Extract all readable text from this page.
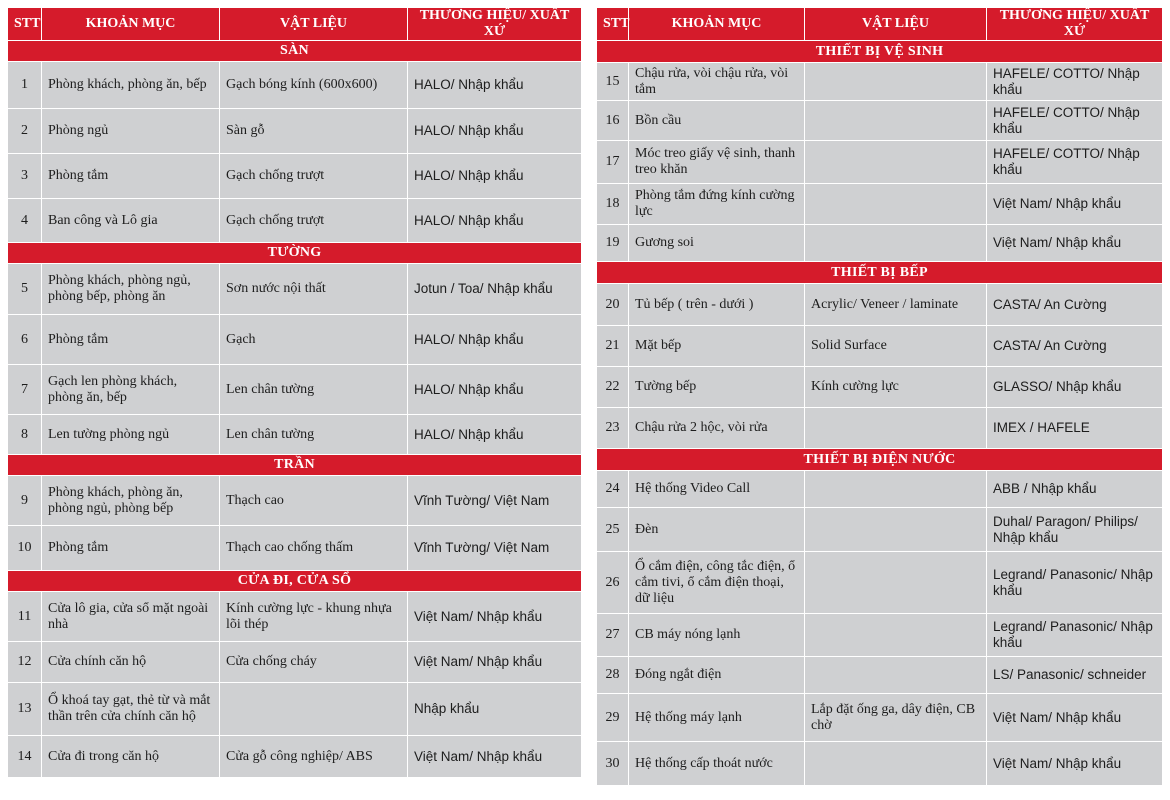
STT	KHOẢN MỤC	VẬT LIỆU	THƯƠNG HIỆU/ XUẤT XỨ
SÀN			
1	Phòng khách, phòng ăn, bếp	Gạch bóng kính (600x600)	HALO/ Nhập khẩu
2	Phòng ngủ	Sàn gỗ	HALO/ Nhập khẩu
3	Phòng tắm	Gạch chống trượt	HALO/ Nhập khẩu
4	Ban công và Lô gia	Gạch chống trượt	HALO/ Nhập khẩu
TƯỜNG			
5	Phòng khách, phòng ngủ, phòng bếp, phòng ăn	Sơn nước nội thất	Jotun / Toa/ Nhập khẩu
6	Phòng tắm	Gạch	HALO/ Nhập khẩu
7	Gạch len phòng khách, phòng ăn, bếp	Len chân tường	HALO/ Nhập khẩu
8	Len tường phòng ngủ	Len chân tường	HALO/ Nhập khẩu
TRẦN			
9	Phòng khách, phòng ăn, phòng ngủ, phòng bếp	Thạch cao	Vĩnh Tường/ Việt Nam
10	Phòng tắm	Thạch cao chống thấm	Vĩnh Tường/ Việt Nam
CỬA ĐI, CỬA SỔ			
11	Cửa lô gia, cửa sổ mặt ngoài nhà	Kính cường lực - khung nhựa lõi thép	Việt Nam/ Nhập khẩu
12	Cửa chính căn hộ	Cửa chống cháy	Việt Nam/ Nhập khẩu
13	Ổ khoá tay gạt, thẻ từ và mắt thần trên cửa chính căn hộ		Nhập khẩu
14	Cửa đi trong căn hộ	Cửa gỗ công nghiệp/ ABS	Việt Nam/ Nhập khẩu
STT	KHOẢN MỤC	VẬT LIỆU	THƯƠNG HIỆU/ XUẤT XỨ
THIẾT BỊ VỆ SINH			
15	Chậu rửa, vòi chậu rửa, vòi tắm		HAFELE/ COTTO/ Nhập khẩu
16	Bồn cầu		HAFELE/ COTTO/ Nhập khẩu
17	Móc treo giấy vệ sinh, thanh treo khăn		HAFELE/ COTTO/ Nhập khẩu
18	Phòng tắm đứng kính cường lực		Việt Nam/ Nhập khẩu
19	Gương soi		Việt Nam/ Nhập khẩu
THIẾT BỊ BẾP			
20	Tủ bếp ( trên - dưới )	Acrylic/ Veneer / laminate	CASTA/ An Cường
21	Mặt bếp	Solid Surface	CASTA/ An Cường
22	Tường bếp	Kính cường lực	GLASSO/ Nhập khẩu
23	Chậu rửa 2 hộc, vòi rửa		IMEX / HAFELE
THIẾT BỊ ĐIỆN NƯỚC			
24	Hệ thống Video Call		ABB / Nhập khẩu
25	Đèn		Duhal/ Paragon/ Philips/ Nhập khẩu
26	Ổ cắm điện, công tắc điện, ổ cắm tivi, ổ cắm điện thoại, dữ liệu		Legrand/ Panasonic/ Nhập khẩu
27	CB máy nóng lạnh		Legrand/ Panasonic/ Nhập khẩu
28	Đóng ngắt điện		LS/ Panasonic/ schneider
29	Hệ thống máy lạnh	Lắp đặt ống ga, dây điện, CB chờ	Việt Nam/ Nhập khẩu
30	Hệ thống cấp thoát nước		Việt Nam/ Nhập khẩu
